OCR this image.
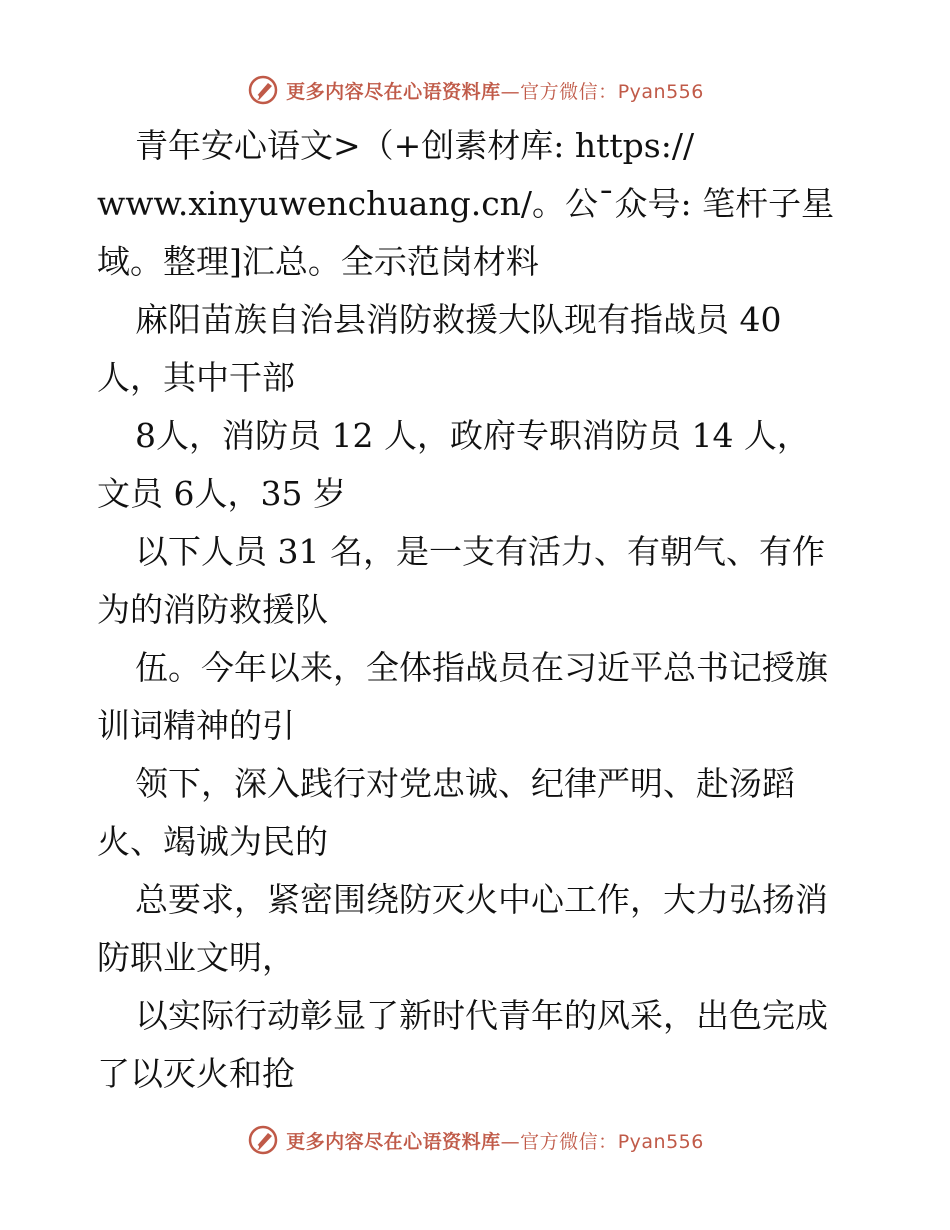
更多内容尽在心语资料库—官方微信：Pyan556
青年安心语文>（+创素材库: https://
www.xinyuwenchuang.cn/。公¯众号: 笔杆子星
域。整理]汇总。全示范岗材料
麻阳苗族自治县消防救援大队现有指战员 40
人，其中干部
8人，消防员 12 人，政府专职消防员 14 人，
文员 6人，35 岁
以下人员 31 名，是一支有活力、有朝气、有作
为的消防救援队
伍。今年以来，全体指战员在习近平总书记授旗
训词精神的引
领下，深入践行对党忠诚、纪律严明、赴汤蹈
火、竭诚为民的
总要求，紧密围绕防灭火中心工作，大力弘扬消
防职业文明，
以实际行动彰显了新时代青年的风采，出色完成
了以灭火和抢
更多内容尽在心语资料库—官方微信：Pyan556
